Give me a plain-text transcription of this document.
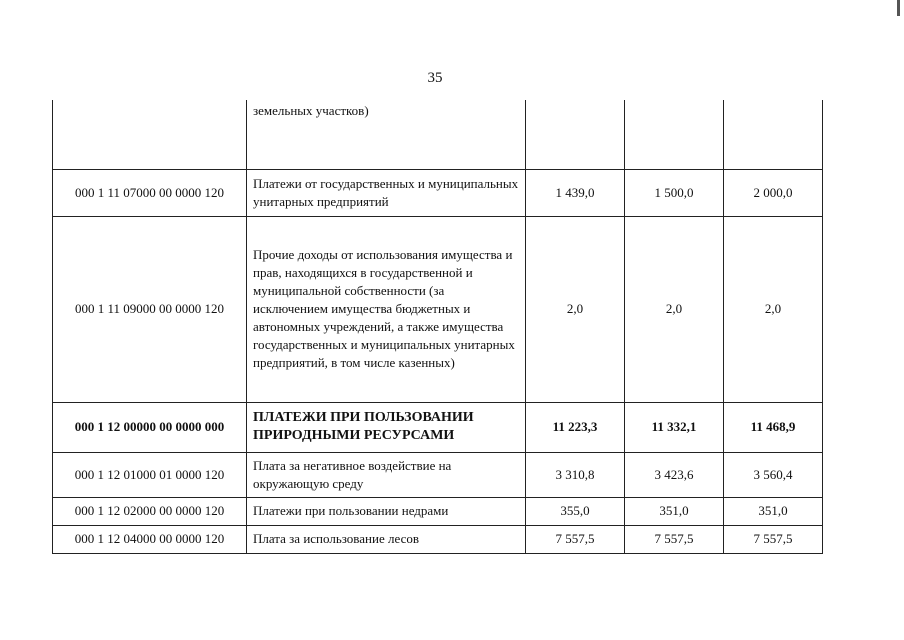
35
	земельных участков)			
000 1 11 07000 00 0000 120	Платежи от государственных и муниципальных унитарных предприятий	1 439,0	1 500,0	2 000,0
000 1 11 09000 00 0000 120	Прочие доходы от использования имущества и прав, находящихся в государственной и муниципальной собственности (за исключением имущества бюджетных и автономных учреждений, а также имущества государственных и муниципальных унитарных предприятий, в том числе казенных)	2,0	2,0	2,0
000 1 12 00000 00 0000 000	ПЛАТЕЖИ ПРИ ПОЛЬЗОВАНИИ ПРИРОДНЫМИ РЕСУРСАМИ	11 223,3	11 332,1	11 468,9
000 1 12 01000 01 0000 120	Плата за негативное воздействие на окружающую среду	3 310,8	3 423,6	3 560,4
000 1 12 02000 00 0000 120	Платежи при пользовании недрами	355,0	351,0	351,0
000 1 12 04000 00 0000 120	Плата за использование лесов	7 557,5	7 557,5	7 557,5
